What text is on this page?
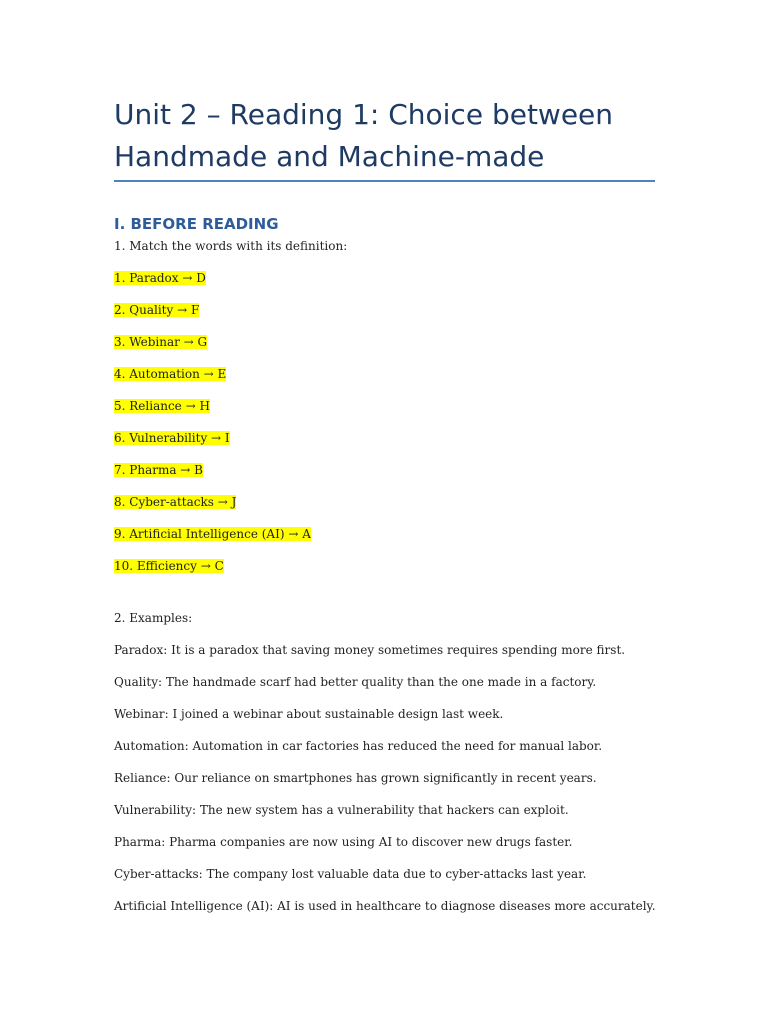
Unit 2 – Reading 1: Choice between
Handmade and Machine-made
I. BEFORE READING

1. Match the words with its definition:

1. Paradox → D

2. Quality → F

3. Webinar → G

4. Automation → E

5. Reliance → H

6. Vulnerability → I

7. Pharma → B

8. Cyber-attacks → J

9. Artificial Intelligence (AI) → A

10. Efficiency → C

2. Examples:

Paradox: It is a paradox that saving money sometimes requires spending more first.

Quality: The handmade scarf had better quality than the one made in a factory.

Webinar: I joined a webinar about sustainable design last week.

Automation: Automation in car factories has reduced the need for manual labor.

Reliance: Our reliance on smartphones has grown significantly in recent years.

Vulnerability: The new system has a vulnerability that hackers can exploit.

Pharma: Pharma companies are now using AI to discover new drugs faster.

Cyber-attacks: The company lost valuable data due to cyber-attacks last year.

Artificial Intelligence (AI): AI is used in healthcare to diagnose diseases more accurately.
